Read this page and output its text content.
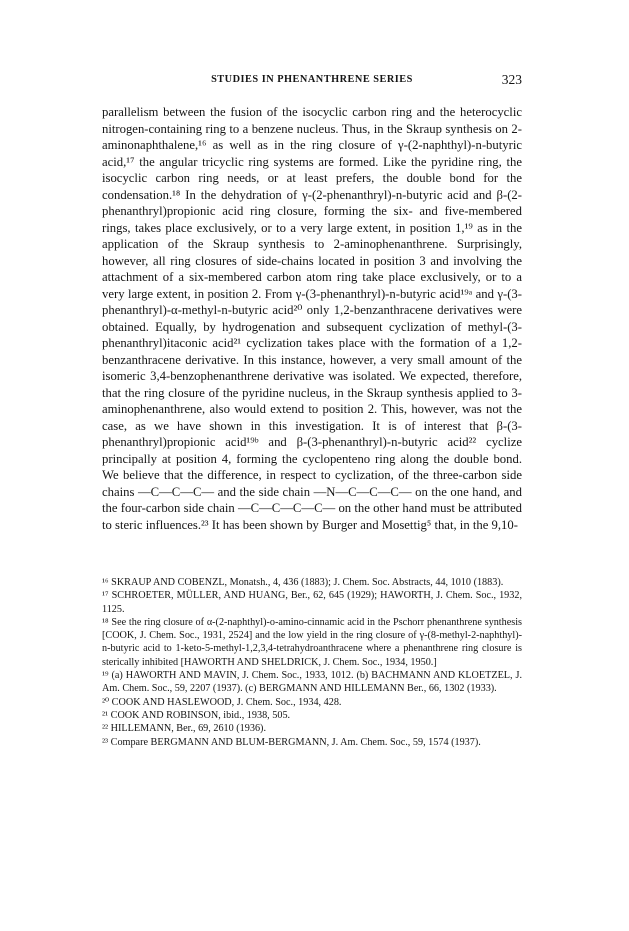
STUDIES IN PHENANTHRENE SERIES	323

parallelism between the fusion of the isocyclic carbon ring and the heterocyclic nitrogen-containing ring to a benzene nucleus. Thus, in the Skraup synthesis on 2-aminonaphthalene,¹⁶ as well as in the ring closure of γ-(2-naphthyl)-n-butyric acid,¹⁷ the angular tricyclic ring systems are formed. Like the pyridine ring, the isocyclic carbon ring needs, or at least prefers, the double bond for the condensation.¹⁸ In the dehydration of γ-(2-phenanthryl)-n-butyric acid and β-(2-phenanthryl)propionic acid ring closure, forming the six- and five-membered rings, takes place exclusively, or to a very large extent, in position 1,¹⁹ as in the application of the Skraup synthesis to 2-aminophenanthrene. Surprisingly, however, all ring closures of side-chains located in position 3 and involving the attachment of a six-membered carbon atom ring take place exclusively, or to a very large extent, in position 2. From γ-(3-phenanthryl)-n-butyric acid¹⁹ᵃ and γ-(3-phenanthryl)-α-methyl-n-butyric acid²⁰ only 1,2-benzanthracene derivatives were obtained. Equally, by hydrogenation and subsequent cyclization of methyl-(3-phenanthryl)itaconic acid²¹ cyclization takes place with the formation of a 1,2-benzanthracene derivative. In this instance, however, a very small amount of the isomeric 3,4-benzophenanthrene derivative was isolated. We expected, therefore, that the ring closure of the pyridine nucleus, in the Skraup synthesis applied to 3-aminophenanthrene, also would extend to position 2. This, however, was not the case, as we have shown in this investigation. It is of interest that β-(3-phenanthryl)propionic acid¹⁹ᵇ and β-(3-phenanthryl)-n-butyric acid²² cyclize principally at position 4, forming the cyclopenteno ring along the double bond. We believe that the difference, in respect to cyclization, of the three-carbon side chains —C—C—C— and the side chain —N—C—C—C— on the one hand, and the four-carbon side chain —C—C—C—C— on the other hand must be attributed to steric influences.²³ It has been shown by Burger and Mosettig⁵ that, in the 9,10-

¹⁶ SKRAUP AND COBENZL, Monatsh., 4, 436 (1883); J. Chem. Soc. Abstracts, 44, 1010 (1883).

¹⁷ SCHROETER, MÜLLER, AND HUANG, Ber., 62, 645 (1929); HAWORTH, J. Chem. Soc., 1932, 1125.

¹⁸ See the ring closure of α-(2-naphthyl)-o-amino-cinnamic acid in the Pschorr phenanthrene synthesis [COOK, J. Chem. Soc., 1931, 2524] and the low yield in the ring closure of γ-(8-methyl-2-naphthyl)-n-butyric acid to 1-keto-5-methyl-1,2,3,4-tetrahydroanthracene where a phenanthrene ring closure is sterically inhibited [HAWORTH AND SHELDRICK, J. Chem. Soc., 1934, 1950.]

¹⁹ (a) HAWORTH AND MAVIN, J. Chem. Soc., 1933, 1012. (b) BACHMANN AND KLOETZEL, J. Am. Chem. Soc., 59, 2207 (1937). (c) BERGMANN AND HILLEMANN Ber., 66, 1302 (1933).

²⁰ COOK AND HASLEWOOD, J. Chem. Soc., 1934, 428.

²¹ COOK AND ROBINSON, ibid., 1938, 505.

²² HILLEMANN, Ber., 69, 2610 (1936).

²³ Compare BERGMANN AND BLUM-BERGMANN, J. Am. Chem. Soc., 59, 1574 (1937).
